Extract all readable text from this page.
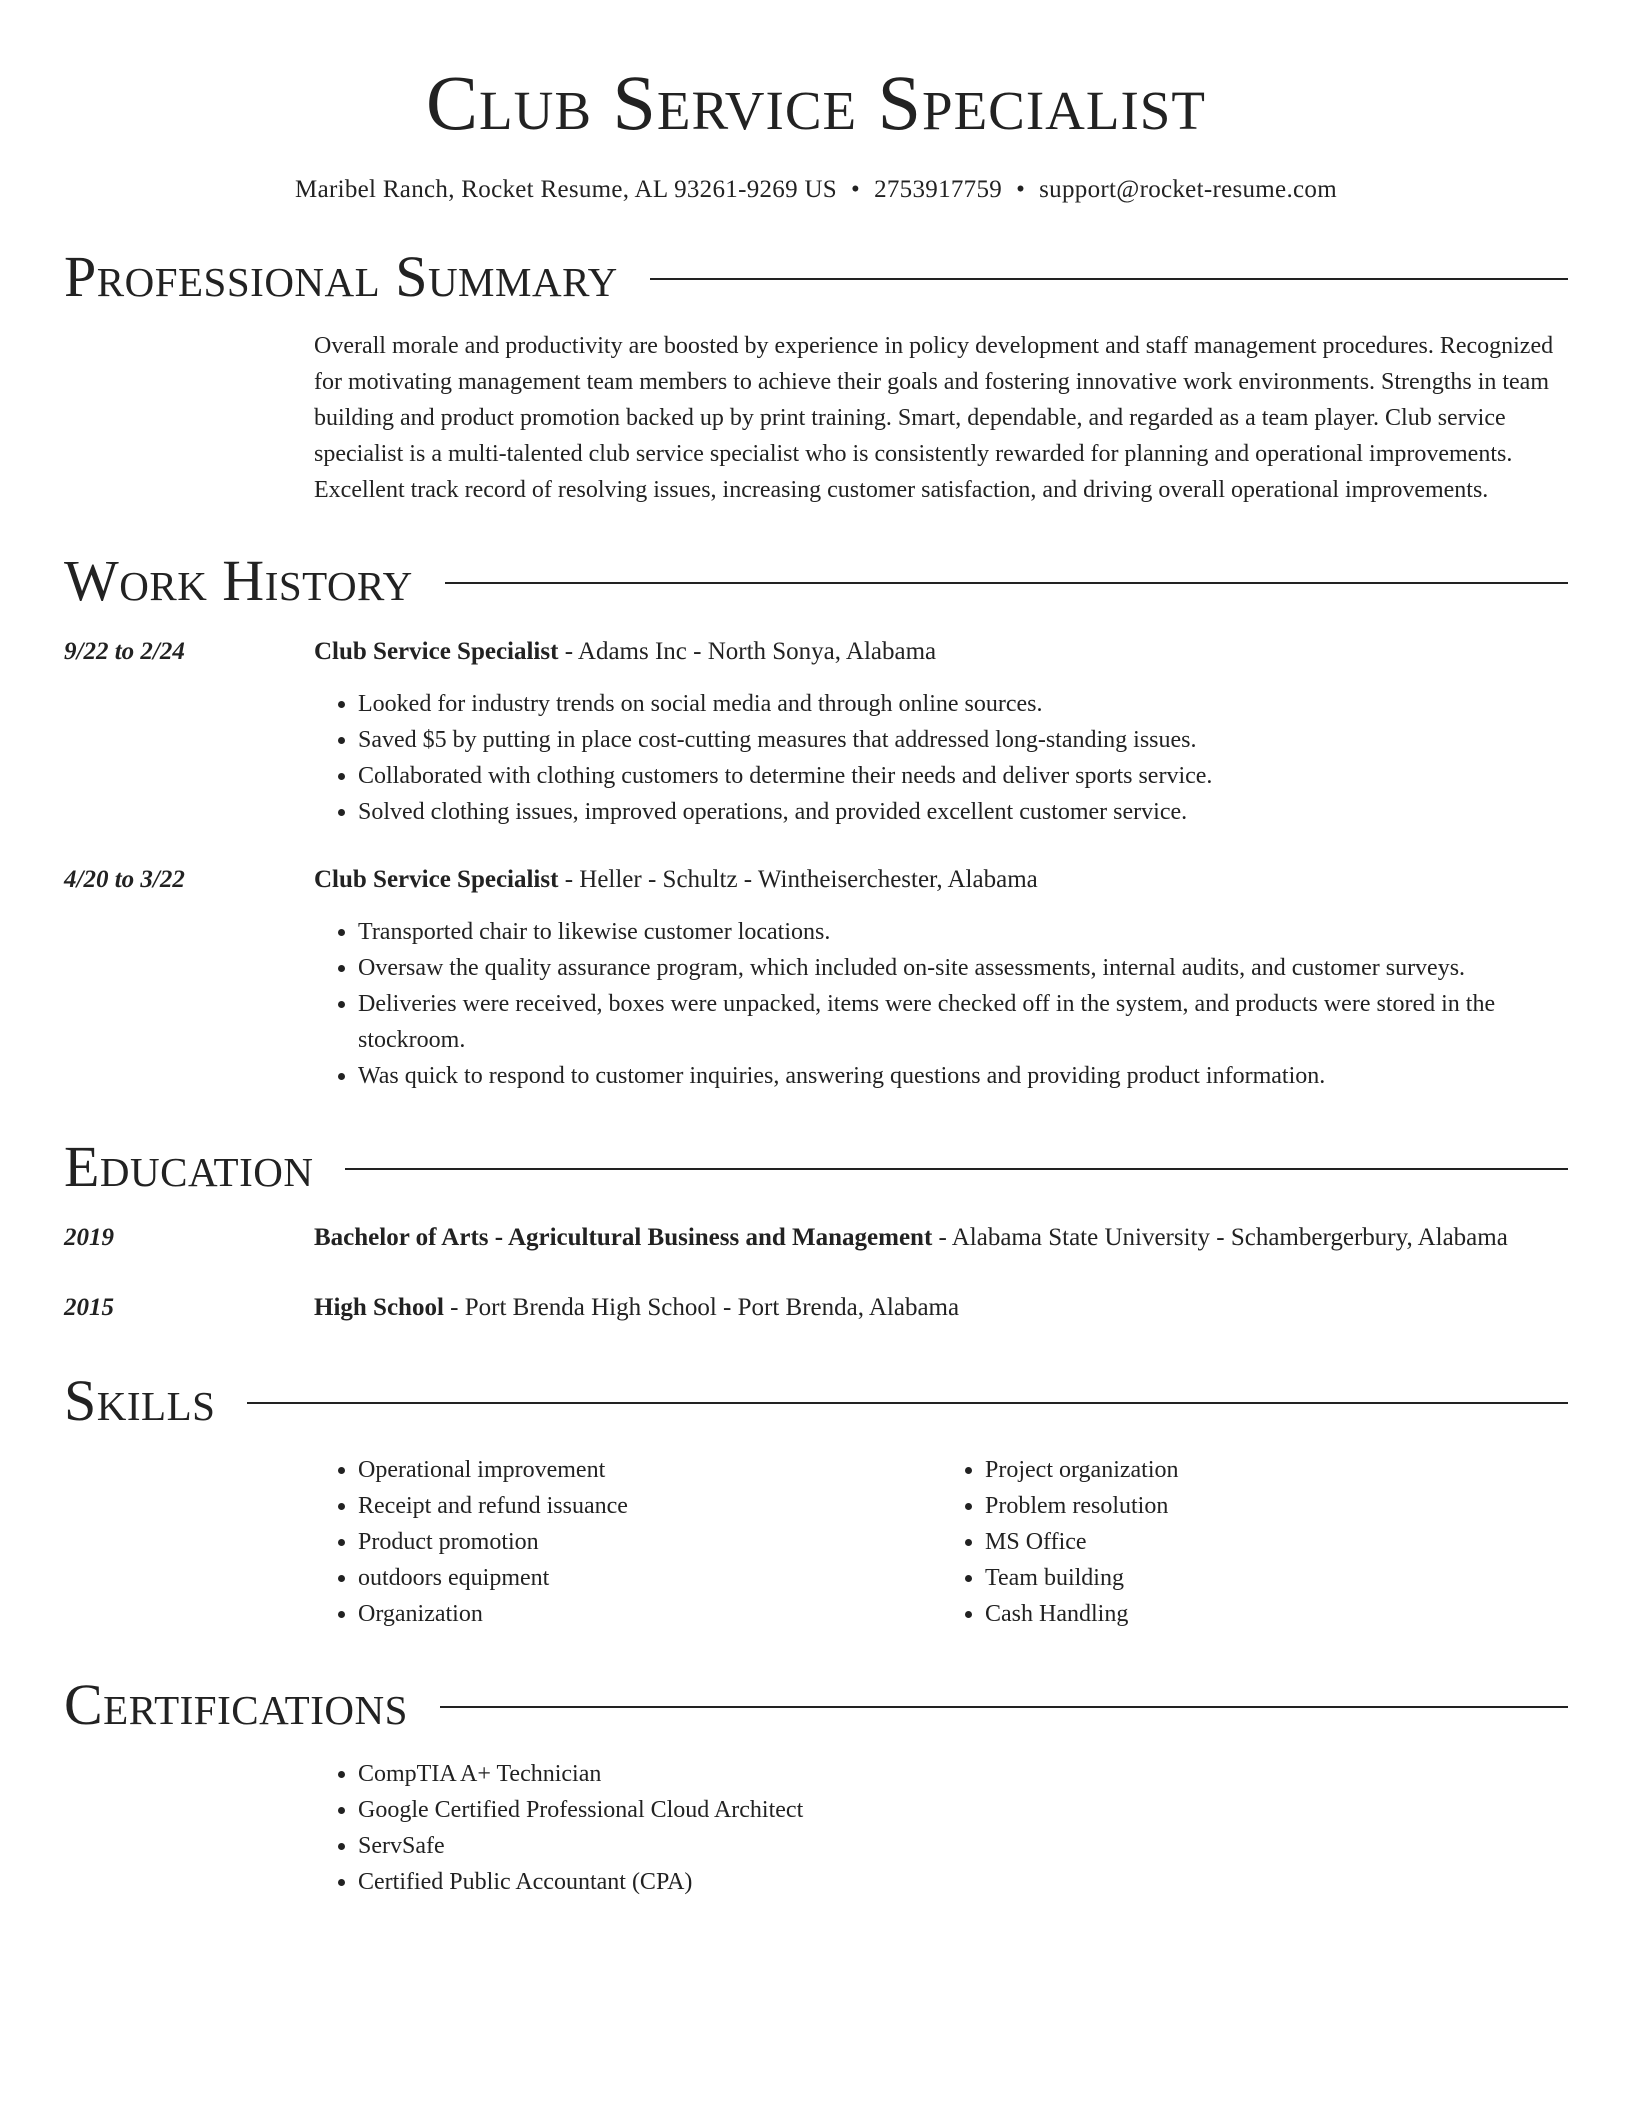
Club Service Specialist
Maribel Ranch, Rocket Resume, AL 93261-9269 US • 2753917759 • support@rocket-resume.com
Professional Summary
Overall morale and productivity are boosted by experience in policy development and staff management procedures. Recognized for motivating management team members to achieve their goals and fostering innovative work environments. Strengths in team building and product promotion backed up by print training. Smart, dependable, and regarded as a team player. Club service specialist is a multi-talented club service specialist who is consistently rewarded for planning and operational improvements. Excellent track record of resolving issues, increasing customer satisfaction, and driving overall operational improvements.
Work History
9/22 to 2/24	Club Service Specialist - Adams Inc - North Sonya, Alabama
• Looked for industry trends on social media and through online sources.
• Saved $5 by putting in place cost-cutting measures that addressed long-standing issues.
• Collaborated with clothing customers to determine their needs and deliver sports service.
• Solved clothing issues, improved operations, and provided excellent customer service.
4/20 to 3/22	Club Service Specialist - Heller - Schultz - Wintheiserchester, Alabama
• Transported chair to likewise customer locations.
• Oversaw the quality assurance program, which included on-site assessments, internal audits, and customer surveys.
• Deliveries were received, boxes were unpacked, items were checked off in the system, and products were stored in the stockroom.
• Was quick to respond to customer inquiries, answering questions and providing product information.
Education
2019	Bachelor of Arts - Agricultural Business and Management - Alabama State University - Schambergerbury, Alabama
2015	High School - Port Brenda High School - Port Brenda, Alabama
Skills
• Operational improvement
• Receipt and refund issuance
• Product promotion
• outdoors equipment
• Organization
• Project organization
• Problem resolution
• MS Office
• Team building
• Cash Handling
Certifications
• CompTIA A+ Technician
• Google Certified Professional Cloud Architect
• ServSafe
• Certified Public Accountant (CPA)
